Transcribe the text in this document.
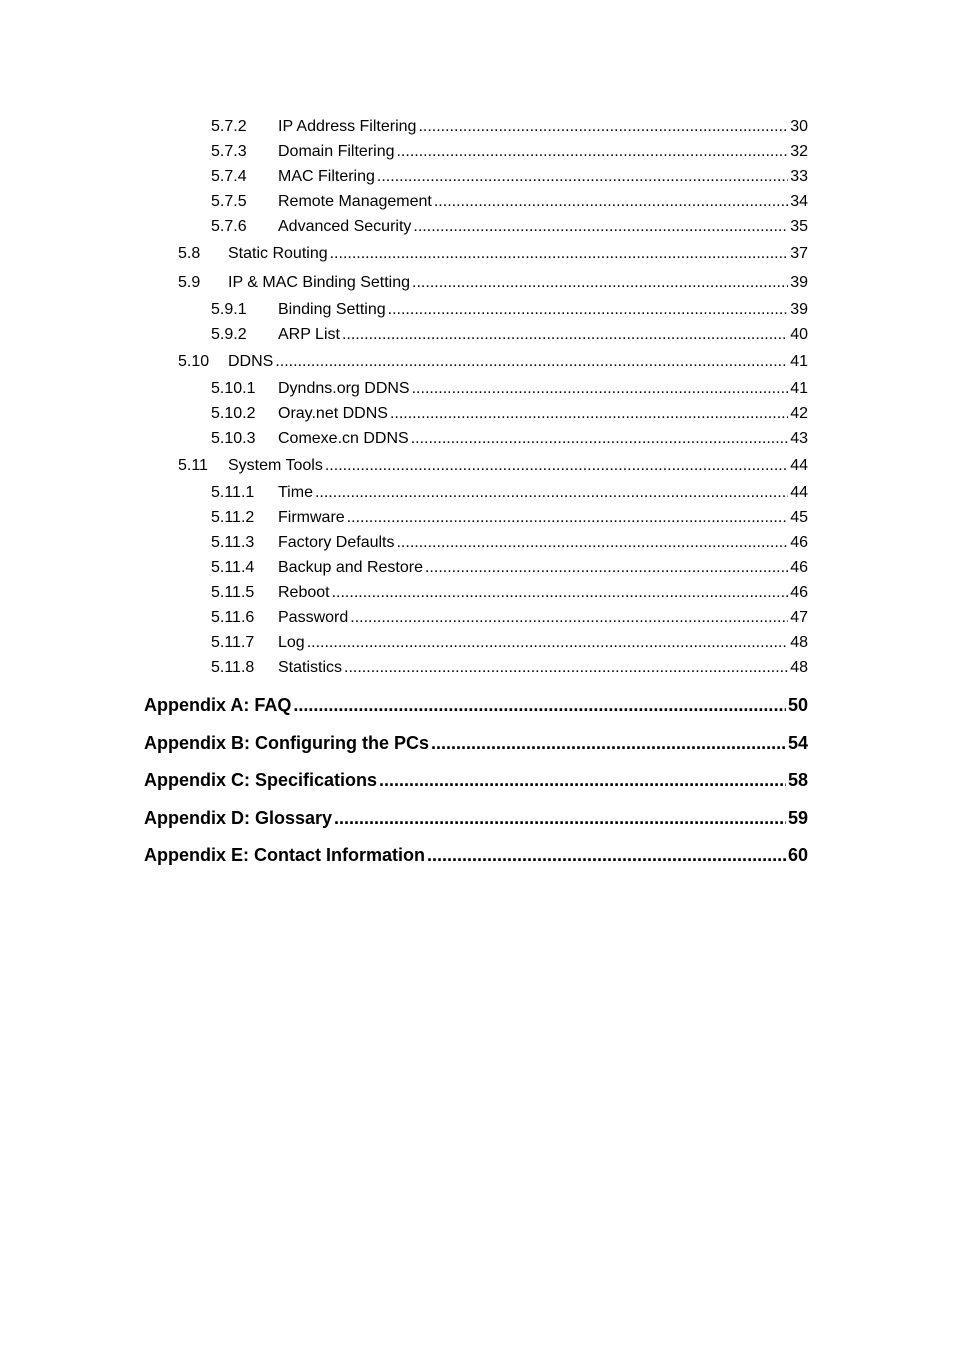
5.7.2	IP Address Filtering .....	30
5.7.3	Domain Filtering .....	32
5.7.4	MAC Filtering .....	33
5.7.5	Remote Management .....	34
5.7.6	Advanced Security .....	35
5.8	Static Routing .....	37
5.9	IP & MAC Binding Setting .....	39
5.9.1	Binding Setting .....	39
5.9.2	ARP List .....	40
5.10	DDNS .....	41
5.10.1	Dyndns.org DDNS .....	41
5.10.2	Oray.net DDNS .....	42
5.10.3	Comexe.cn DDNS .....	43
5.11	System Tools .....	44
5.11.1	Time .....	44
5.11.2	Firmware .....	45
5.11.3	Factory Defaults .....	46
5.11.4	Backup and Restore .....	46
5.11.5	Reboot .....	46
5.11.6	Password .....	47
5.11.7	Log .....	48
5.11.8	Statistics .....	48
Appendix A: FAQ .....	50
Appendix B: Configuring the PCs .....	54
Appendix C: Specifications .....	58
Appendix D: Glossary .....	59
Appendix E: Contact Information .....	60
